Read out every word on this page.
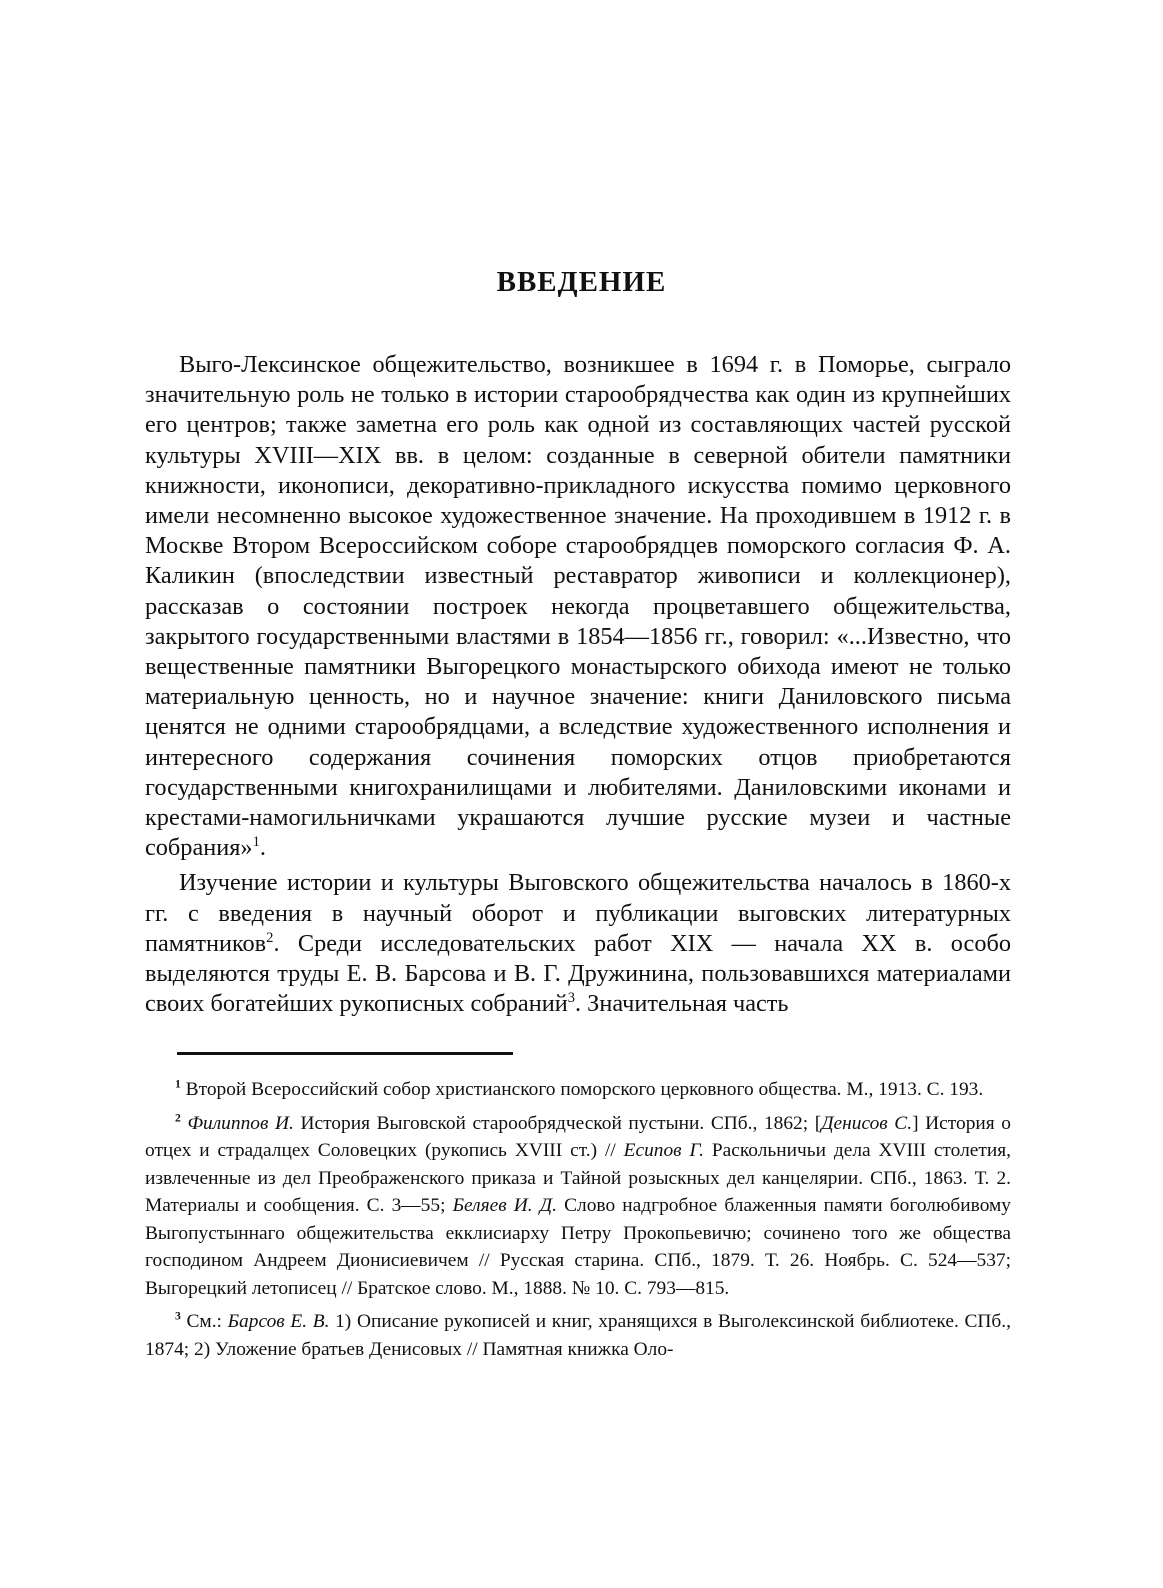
ВВЕДЕНИЕ

Выго-Лексинское общежительство, возникшее в 1694 г. в Поморье, сыграло значительную роль не только в истории старообрядчества как один из крупнейших его центров; также заметна его роль как одной из составляющих частей русской культуры XVIII—XIX вв. в целом: созданные в северной обители памятники книжности, иконописи, декоративно-прикладного искусства помимо церковного имели несомненно высокое художественное значение. На проходившем в 1912 г. в Москве Втором Всероссийском соборе старообрядцев поморского согласия Ф. А. Каликин (впоследствии известный реставратор живописи и коллекционер), рассказав о состоянии построек некогда процветавшего общежительства, закрытого государственными властями в 1854—1856 гг., говорил: «...Известно, что вещественные памятники Выгорецкого монастырского обихода имеют не только материальную ценность, но и научное значение: книги Даниловского письма ценятся не одними старообрядцами, а вследствие художественного исполнения и интересного содержания сочинения поморских отцов приобретаются государственными книгохранилищами и любителями. Даниловскими иконами и крестами-намогильничками украшаются лучшие русские музеи и частные собрания»$^1$.

Изучение истории и культуры Выговского общежительства началось в 1860-х гг. с введения в научный оборот и публикации выговских литературных памятников$^2$. Среди исследовательских работ XIX — начала XX в. особо выделяются труды Е. В. Барсова и В. Г. Дружинина, пользовавшихся материалами своих богатейших рукописных собраний$^3$. Значительная часть

$^1$ Второй Всероссийский собор христианского поморского церковного общества. М., 1913. С. 193.

$^2$ Филиппов И. История Выговской старообрядческой пустыни. СПб., 1862; [Денисов С.] История о отцех и страдалцех Соловецких (рукопись XVIII ст.) // Есипов Г. Раскольничьи дела XVIII столетия, извлеченные из дел Преображенского приказа и Тайной розыскных дел канцелярии. СПб., 1863. Т. 2. Материалы и сообщения. С. 3—55; Беляев И. Д. Слово надгробное блаженныя памяти боголюбивому Выгопустыннаго общежительства екклисиарху Петру Прокопьевичю; сочинено того же общества господином Андреем Дионисиевичем // Русская старина. СПб., 1879. Т. 26. Ноябрь. С. 524—537; Выгорецкий летописец // Братское слово. М., 1888. № 10. С. 793—815.

$^3$ См.: Барсов Е. В. 1) Описание рукописей и книг, хранящихся в Выголексинской библиотеке. СПб., 1874; 2) Уложение братьев Денисовых // Памятная книжка Оло-
